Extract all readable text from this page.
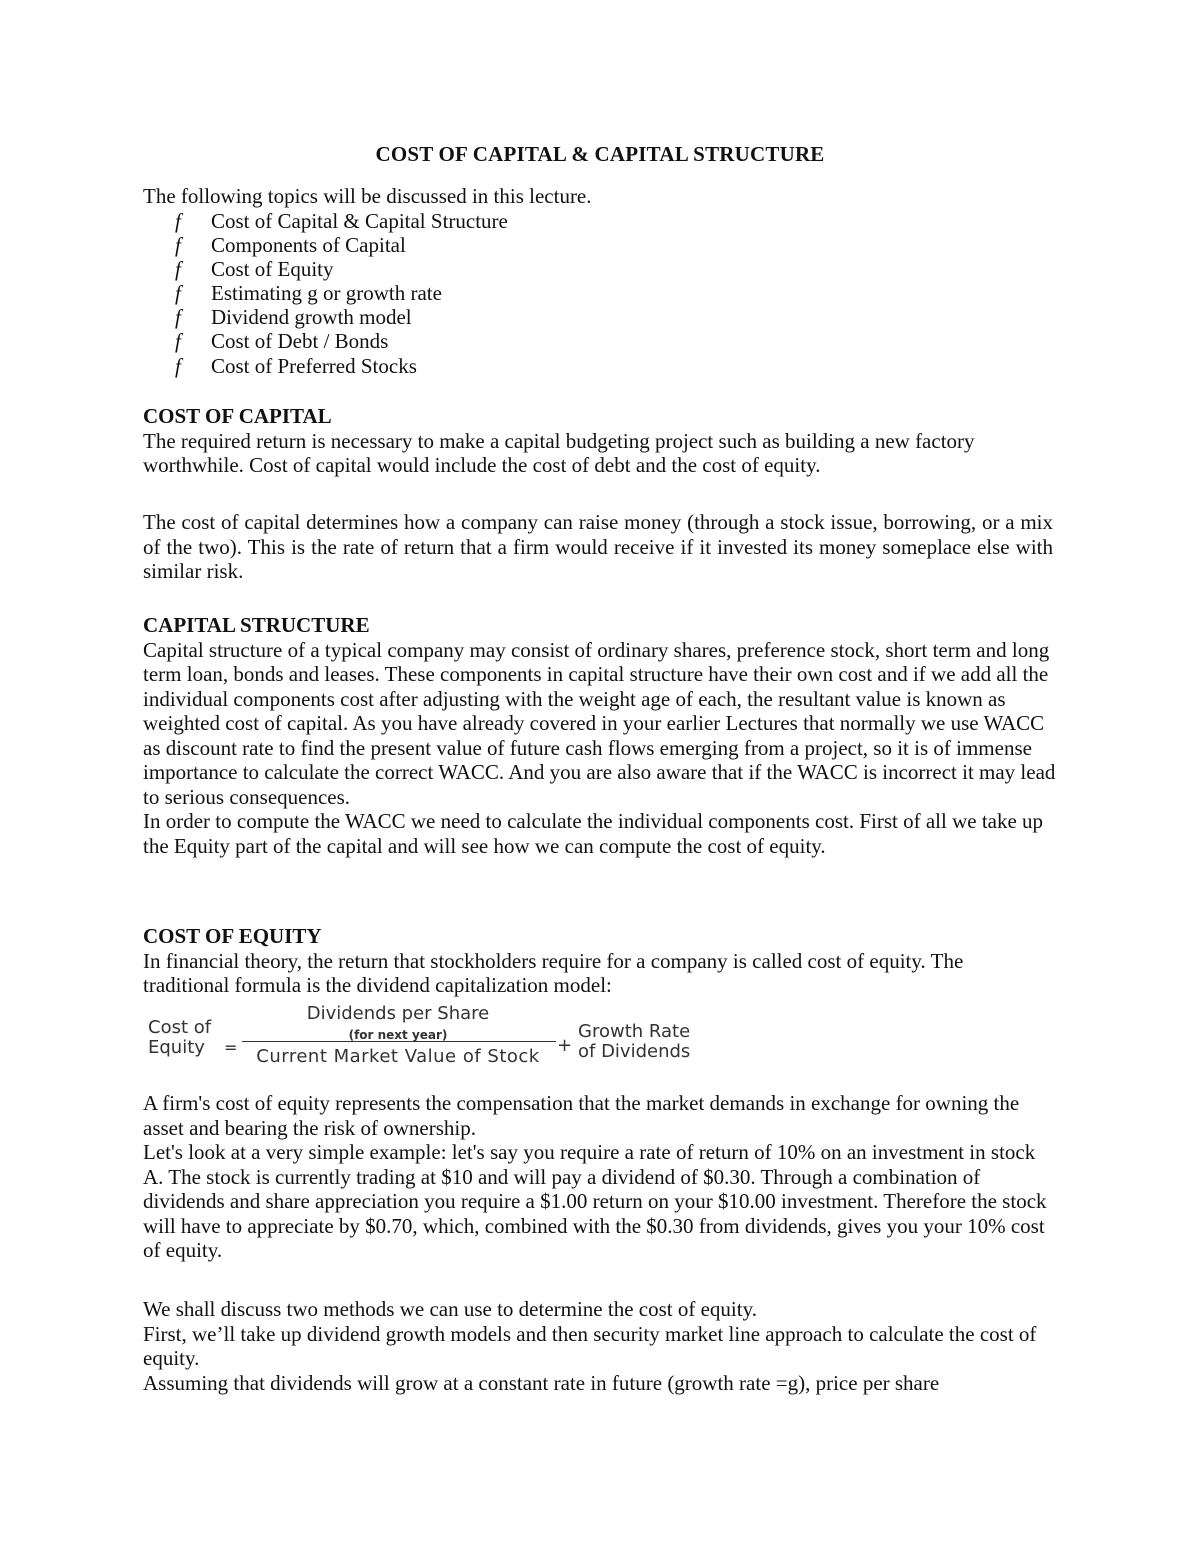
COST OF CAPITAL & CAPITAL STRUCTURE

The following topics will be discussed in this lecture.

f Cost of Capital & Capital Structure
f Components of Capital
f Cost of Equity
f Estimating g or growth rate
f Dividend growth model
f Cost of Debt / Bonds
f Cost of Preferred Stocks

COST OF CAPITAL

The required return is necessary to make a capital budgeting project such as building a new factory worthwhile. Cost of capital would include the cost of debt and the cost of equity.

The cost of capital determines how a company can raise money (through a stock issue, borrowing, or a mix of the two). This is the rate of return that a firm would receive if it invested its money someplace else with similar risk.

CAPITAL STRUCTURE

Capital structure of a typical company may consist of ordinary shares, preference stock, short term and long term loan, bonds and leases. These components in capital structure have their own cost and if we add all the individual components cost after adjusting with the weight age of each, the resultant value is known as weighted cost of capital. As you have already covered in your earlier Lectures that normally we use WACC as discount rate to find the present value of future cash flows emerging from a project, so it is of immense importance to calculate the correct WACC. And you are also aware that if the WACC is incorrect it may lead to serious consequences.

In order to compute the WACC we need to calculate the individual components cost. First of all we take up the Equity part of the capital and will see how we can compute the cost of equity.

COST OF EQUITY

In financial theory, the return that stockholders require for a company is called cost of equity. The traditional formula is the dividend capitalization model:

Cost of
Equity =
Dividends per Share
(for next year)
Current Market Value of Stock
+
Growth Rate
of Dividends

A firm's cost of equity represents the compensation that the market demands in exchange for owning the asset and bearing the risk of ownership.

Let's look at a very simple example: let's say you require a rate of return of 10% on an investment in stock A. The stock is currently trading at $10 and will pay a dividend of $0.30. Through a combination of dividends and share appreciation you require a $1.00 return on your $10.00 investment. Therefore the stock will have to appreciate by $0.70, which, combined with the $0.30 from dividends, gives you your 10% cost of equity.

We shall discuss two methods we can use to determine the cost of equity.

First, we’ll take up dividend growth models and then security market line approach to calculate the cost of equity.

Assuming that dividends will grow at a constant rate in future (growth rate =g), price per share
